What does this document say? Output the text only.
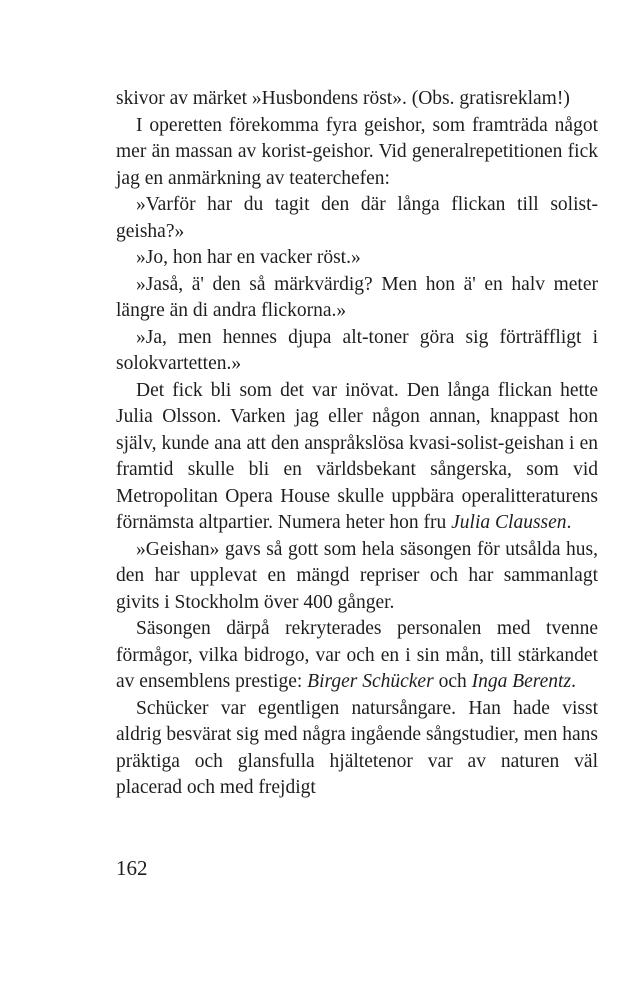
skivor av märket »Husbondens röst». (Obs. gratisreklam!)

I operetten förekomma fyra geishor, som framträda något mer än massan av korist-geishor. Vid generalrepetitionen fick jag en anmärkning av teaterchefen:

»Varför har du tagit den där långa flickan till solist-geisha?»

»Jo, hon har en vacker röst.»

»Jaså, ä' den så märkvärdig? Men hon ä' en halv meter längre än di andra flickorna.»

»Ja, men hennes djupa alt-toner göra sig förträffligt i solokvartetten.»

Det fick bli som det var inövat. Den långa flickan hette Julia Olsson. Varken jag eller någon annan, knappast hon själv, kunde ana att den anspråkslösa kvasi-solist-geishan i en framtid skulle bli en världsbekant sångerska, som vid Metropolitan Opera House skulle uppbära operalitteraturens förnämsta altpartier. Numera heter hon fru Julia Claussen.

»Geishan» gavs så gott som hela säsongen för utsålda hus, den har upplevat en mängd repriser och har sammanlagt givits i Stockholm över 400 gånger.

Säsongen därpå rekryterades personalen med tvenne förmågor, vilka bidrogo, var och en i sin mån, till stärkandet av ensemblens prestige: Birger Schücker och Inga Berentz.

Schücker var egentligen natursångare. Han hade visst aldrig besvärat sig med några ingående sångstudier, men hans präktiga och glansfulla hjältetenor var av naturen väl placerad och med frejdigt

162
